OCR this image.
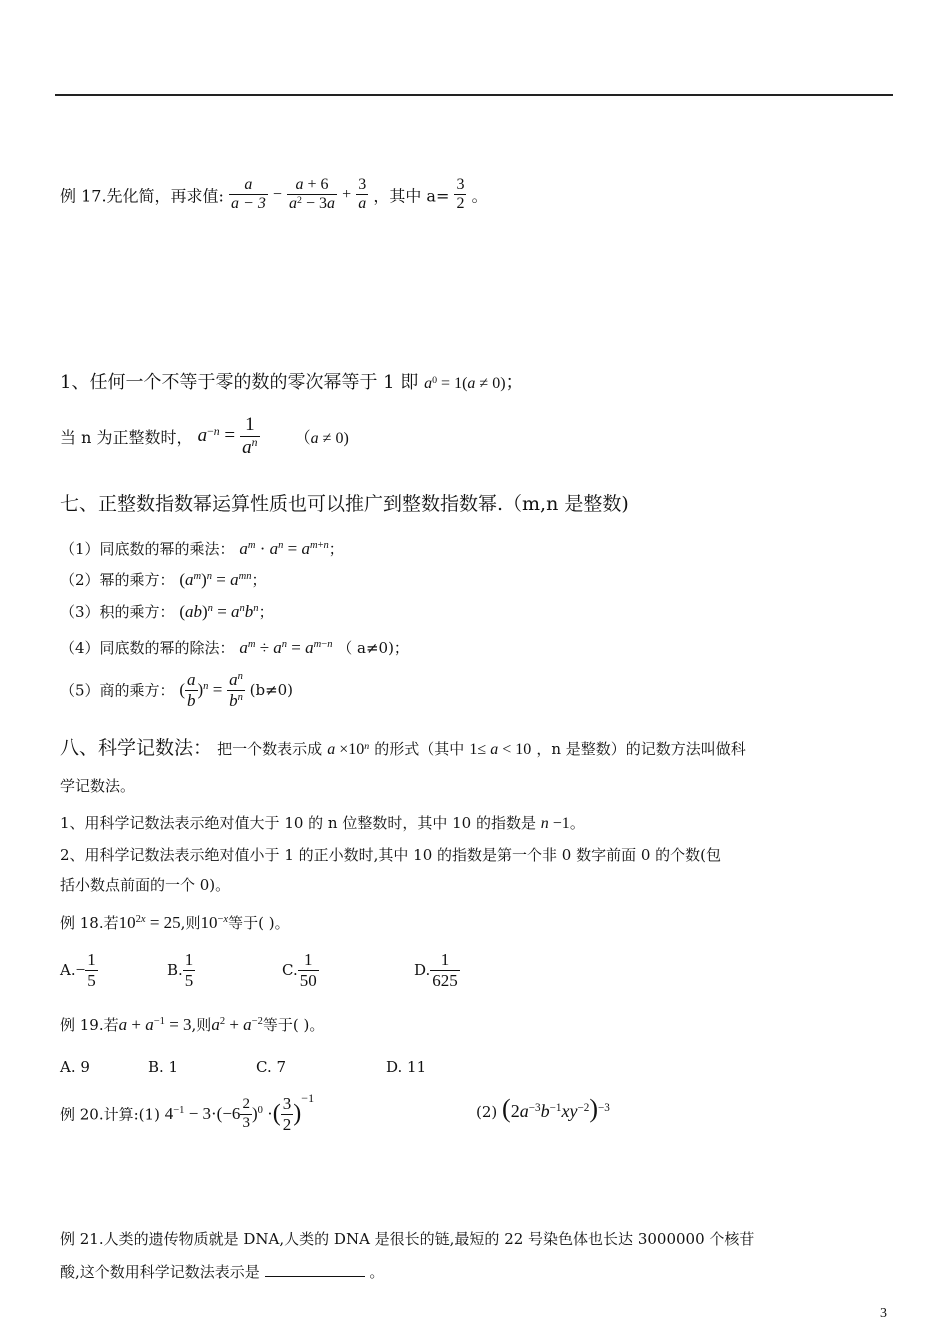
例 17.先化简，再求值: $\frac{a}{a - 3} - \frac{a + 6}{a^2 - 3a} + \frac{3}{a}$ ，其中 $a= \frac{3}{2}$ 。
1、任何一个不等于零的数的零次幂等于 1 即 $a^0 = 1(a \ne 0)$；
当 n 为正整数时， $a^{-n} = \frac{1}{a^n} (a \ne 0)$
七、正整数指数幂运算性质也可以推广到整数指数幂.（m,n 是整数)
（1）同底数的幂的乘法： $a^m \cdot a^n = a^{m+n}$；
（2）幂的乘方： $(a^m)^n = a^{mn}$；
（3）积的乘方： $(ab)^n = a^nb^n$；
（4）同底数的幂的除法： $a^m \div a^n = a^{m-n}$ （ a≠0)；
（5）商的乘方： ( $\frac{a}{b} )^n = \frac{a^n}{b^n} (b\ne 0)$
八、科学记数法： 把一个数表示成 $a \times 10^n$ 的形式（其中 1≤ a < 10 ，n 是整数）的记数方法叫做科
学记数法。
1、用科学记数法表示绝对值大于 10 的 n 位整数时，其中 10 的指数是 n −1。
2、用科学记数法表示绝对值小于 1 的正小数时,其中 10 的指数是第一个非 0 数字前面 0 的个数(包
括小数点前面的一个 0)。
例 18.若$10^{2x} = 25$,则$10^{-x}$等于( )。
$A.- \frac{1}{5}$	B. $\frac{1}{5}$	C. $\frac{1}{50}$	D. $\frac{1}{625}$
例 19.若$a + a^{-1} = 3$,则$a^2 + a^{-2}$等于( )。
A. 9	B. 1	C. 7	D. 11
例 20.计算:(1) $4^{-1} - 3\cdot(-6 \frac{2}{3} )^0$ ·( $\frac{3}{2} )^{-1}$
(2) $(2a^{-3}b^{-1}xy^{-2})^{-3}$
例 21.人类的遗传物质就是 DNA,人类的 DNA 是很长的链,最短的 22 号染色体也长达 3000000 个核苷
酸,这个数用科学记数法表示是	。
3
